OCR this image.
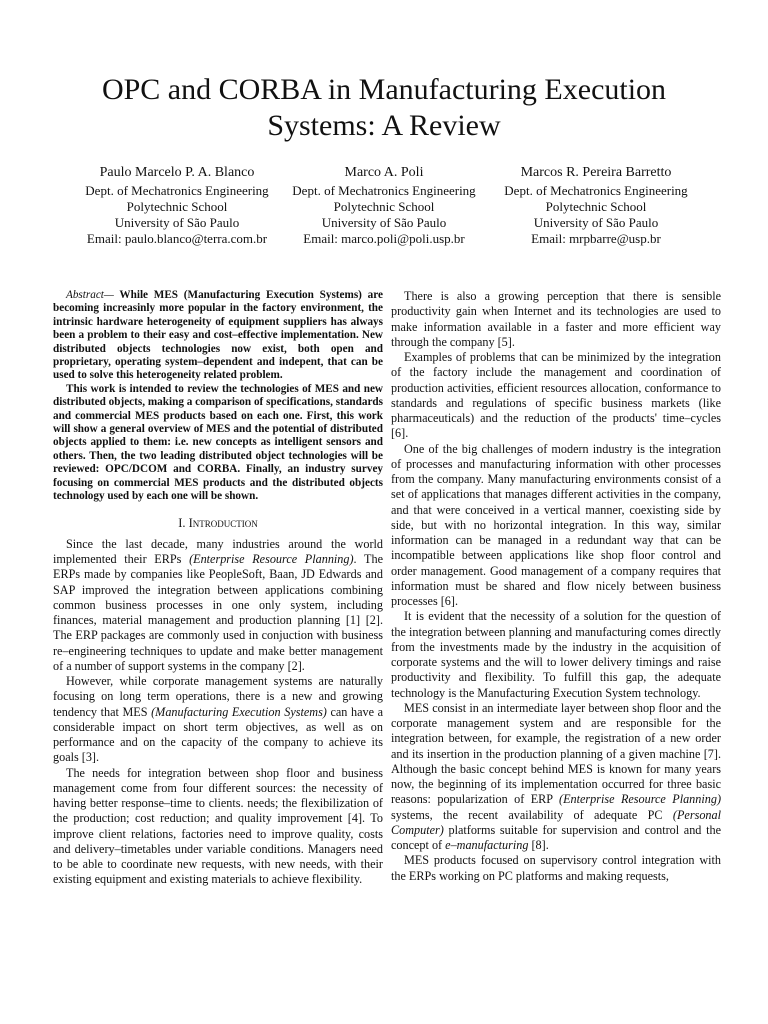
OPC and CORBA in Manufacturing Execution
Systems: A Review
Paulo Marcelo P. A. Blanco
Dept. of Mechatronics Engineering
Polytechnic School
University of São Paulo
Email: paulo.blanco@terra.com.br
Marco A. Poli
Dept. of Mechatronics Engineering
Polytechnic School
University of São Paulo
Email: marco.poli@poli.usp.br
Marcos R. Pereira Barretto
Dept. of Mechatronics Engineering
Polytechnic School
University of São Paulo
Email: mrpbarre@usp.br

Abstract— While MES (Manufacturing Execution Systems) are becoming increasinly more popular in the factory environment, the intrinsic hardware heterogeneity of equipment suppliers has always been a problem to their easy and cost–effective implementation. New distributed objects technologies now exist, both open and proprietary, operating system–dependent and indepent, that can be used to solve this heterogeneity related problem.

This work is intended to review the technologies of MES and new distributed objects, making a comparison of specifications, standards and commercial MES products based on each one. First, this work will show a general overview of MES and the potential of distributed objects applied to them: i.e. new concepts as intelligent sensors and others. Then, the two leading distributed object technologies will be reviewed: OPC/DCOM and CORBA. Finally, an industry survey focusing on commercial MES products and the distributed objects technology used by each one will be shown.

I. Introduction

Since the last decade, many industries around the world implemented their ERPs (Enterprise Resource Planning). The ERPs made by companies like PeopleSoft, Baan, JD Edwards and SAP improved the integration between applications combining common business processes in one only system, including finances, material management and production planning [1] [2]. The ERP packages are commonly used in conjuction with business re–engineering techniques to update and make better management of a number of support systems in the company [2].

However, while corporate management systems are naturally focusing on long term operations, there is a new and growing tendency that MES (Manufacturing Execution Systems) can have a considerable impact on short term objectives, as well as on performance and on the capacity of the company to achieve its goals [3].

The needs for integration between shop floor and business management come from four different sources: the necessity of having better response–time to clients. needs; the flexibilization of the production; cost reduction; and quality improvement [4]. To improve client relations, factories need to improve quality, costs and delivery–timetables under variable conditions. Managers need to be able to coordinate new requests, with new needs, with their existing equipment and existing materials to achieve flexibility.

There is also a growing perception that there is sensible productivity gain when Internet and its technologies are used to make information available in a faster and more efficient way through the company [5].

Examples of problems that can be minimized by the integration of the factory include the management and coordination of production activities, efficient resources allocation, conformance to standards and regulations of specific business markets (like pharmaceuticals) and the reduction of the products' time–cycles [6].

One of the big challenges of modern industry is the integration of processes and manufacturing information with other processes from the company. Many manufacturing environments consist of a set of applications that manages different activities in the company, and that were conceived in a vertical manner, coexisting side by side, but with no horizontal integration. In this way, similar information can be managed in a redundant way that can be incompatible between applications like shop floor control and order management. Good management of a company requires that information must be shared and flow nicely between business processes [6].

It is evident that the necessity of a solution for the question of the integration between planning and manufacturing comes directly from the investments made by the industry in the acquisition of corporate systems and the will to lower delivery timings and raise productivity and flexibility. To fulfill this gap, the adequate technology is the Manufacturing Execution System technology.

MES consist in an intermediate layer between shop floor and the corporate management system and are responsible for the integration between, for example, the registration of a new order and its insertion in the production planning of a given machine [7]. Although the basic concept behind MES is known for many years now, the beginning of its implementation occurred for three basic reasons: popularization of ERP (Enterprise Resource Planning) systems, the recent availability of adequate PC (Personal Computer) platforms suitable for supervision and control and the concept of e–manufacturing [8].

MES products focused on supervisory control integration with the ERPs working on PC platforms and making requests,
